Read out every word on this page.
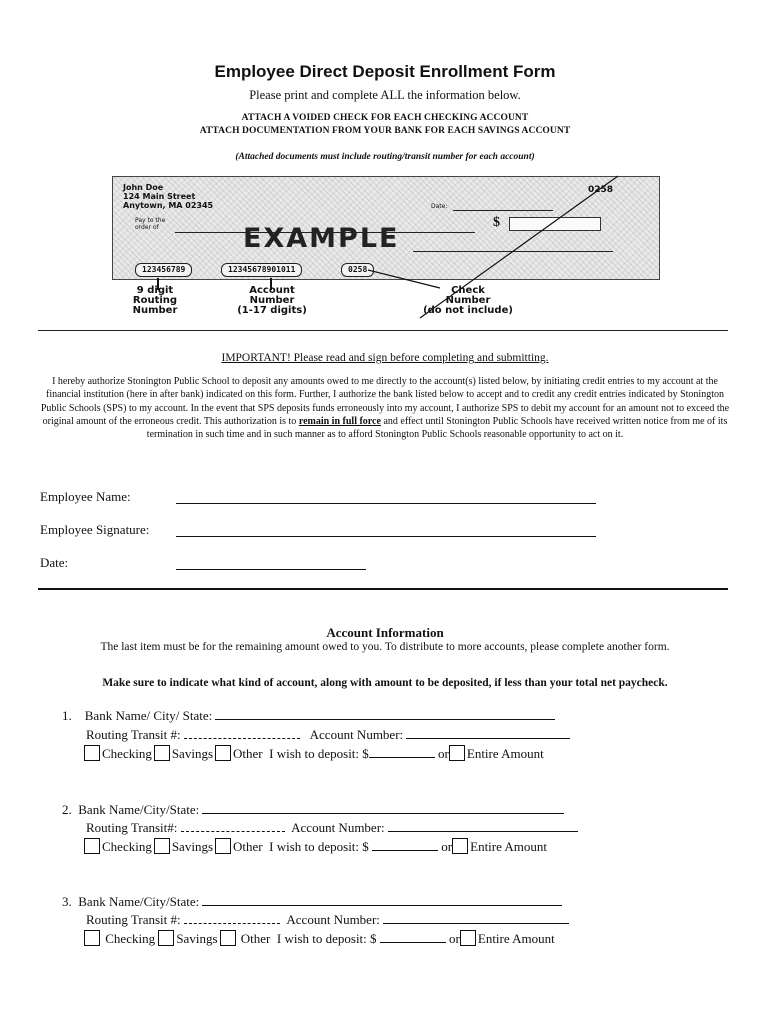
Employee Direct Deposit Enrollment Form
Please print and complete ALL the information below.
ATTACH A VOIDED CHECK FOR EACH CHECKING ACCOUNT
ATTACH DOCUMENTATION FROM YOUR BANK FOR EACH SAVINGS ACCOUNT
(Attached documents must include routing/transit number for each account)
John Doe
124 Main Street
Anytown, MA 02345
0258
Date:
Pay to the
order of	EXAMPLE
$
123456789	12345678901011	0258
9 digit
Routing
Number
Account
Number
(1-17 digits)
Check
Number
(do not include)
IMPORTANT! Please read and sign before completing and submitting.
I hereby authorize Stonington Public School to deposit any amounts owed to me directly to the account(s) listed below, by initiating credit entries to my account at the financial institution (here in after bank) indicated on this form. Further, I authorize the bank listed below to accept and to credit any credit entries indicated by Stonington Public Schools (SPS) to my account. In the event that SPS deposits funds erroneously into my account, I authorize SPS to debit my account for an amount not to exceed the original amount of the erroneous credit. This authorization is to remain in full force and effect until Stonington Public Schools have received written notice from me of its termination in such time and in such manner as to afford Stonington Public Schools reasonable opportunity to act on it.
Employee Name:
Employee Signature:
Date:
Account Information
The last item must be for the remaining amount owed to you. To distribute to more accounts, please complete another form.
Make sure to indicate what kind of account, along with amount to be deposited, if less than your total net paycheck.
1. Bank Name/ City/ State:
Routing Transit #:	Account Number:
Checking Savings Other I wish to deposit: $	or Entire Amount
2. Bank Name/City/State:
Routing Transit#:	Account Number:
Checking Savings Other I wish to deposit: $	or Entire Amount
3. Bank Name/City/State:
Routing Transit #:	Account Number:
Checking Savings Other I wish to deposit: $	or Entire Amount
